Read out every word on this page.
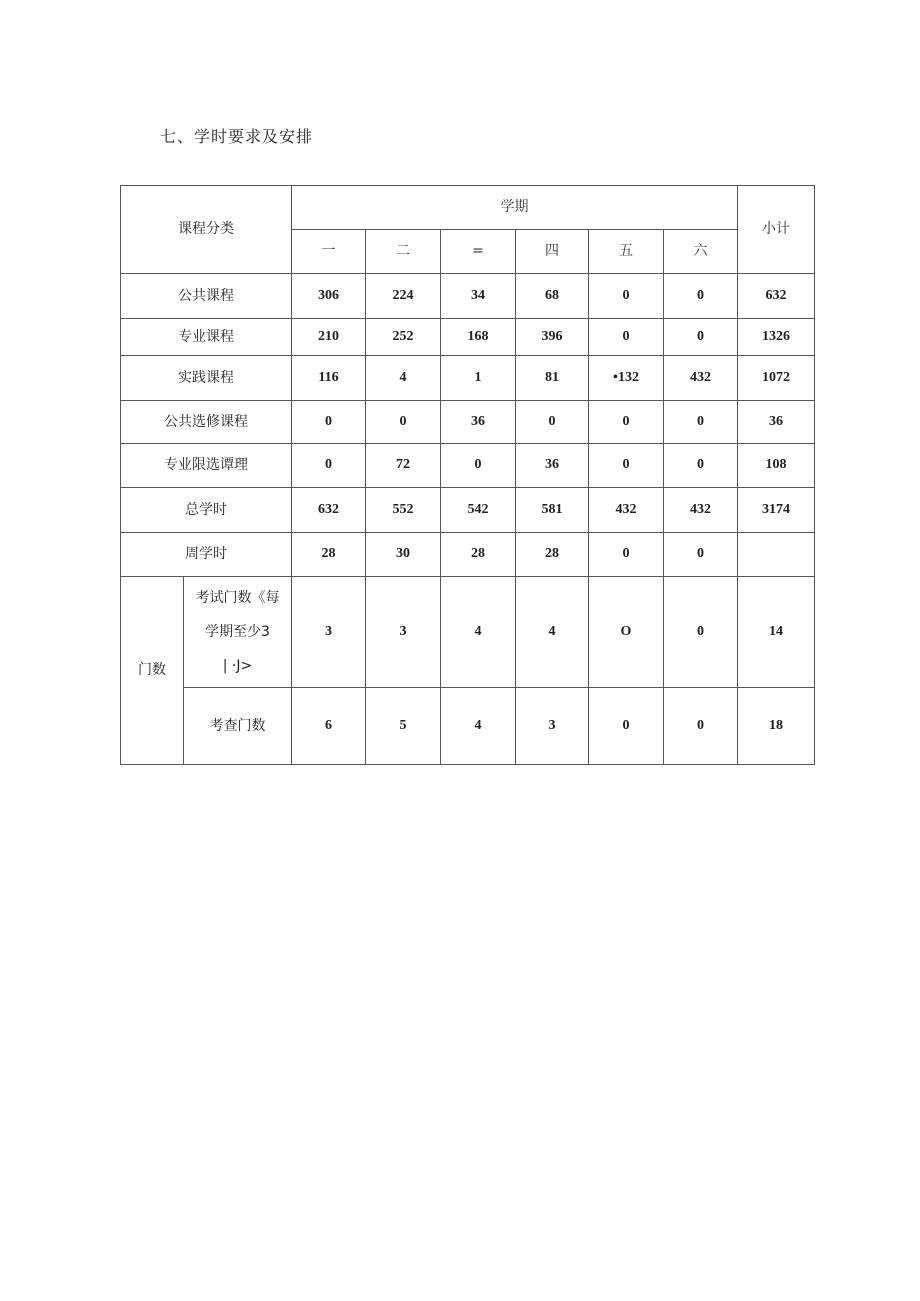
七、学时要求及安排
课程分类		学期						小计
		一	二	=	四	五	六	
公共课程		306	224	34	68	0	0	632
专业课程		210	252	168	396	0	0	1326
实践课程		116	4	1	81	•132	432	1072
公共选修课程		0	0	36	0	0	0	36
专业限选谭理		0	72	0	36	0	0	108
总学时		632	552	542	581	432	432	3174
周学时		28	30	28	28	0	0	
门数	考试门数《每
学期至少3
| ·J>	3	3	4	4	O	0	14
	考查门数	6	5	4	3	0	0	18
